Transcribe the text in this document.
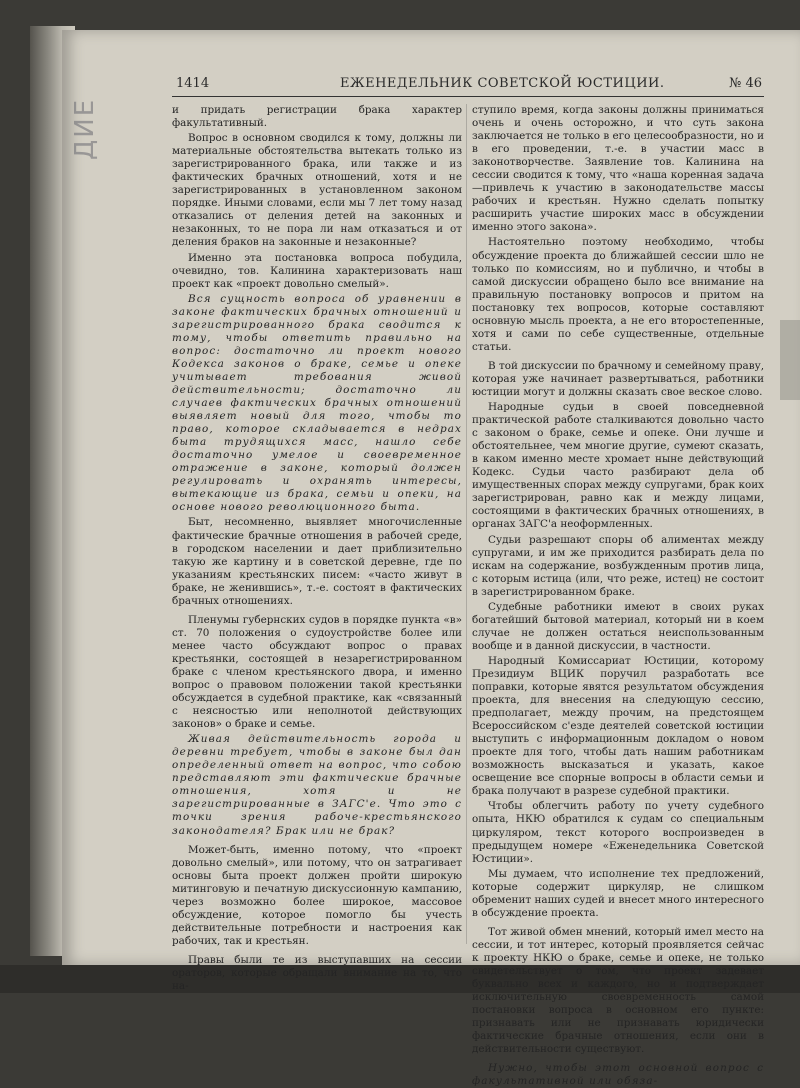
ДИЕ
1414	ЕЖЕНЕДЕЛЬНИК СОВЕТСКОЙ ЮСТИЦИИ.	№ 46

и придать регистрации брака характер факультативный.

Вопрос в основном сводился к тому, должны ли материальные обстоятельства вытекать только из зарегистрированного брака, или также и из фактических брачных отношений, хотя и не зарегистрированных в установленном законом порядке. Иными словами, если мы 7 лет тому назад отказались от деления детей на законных и незаконных, то не пора ли нам отказаться и от деления браков на законные и незаконные?

Именно эта постановка вопроса побудила, очевидно, тов. Калинина характеризовать наш проект как «проект довольно смелый».

Вся сущность вопроса об уравнении в законе фактических брачных отношений и зарегистрированного брака сводится к тому, чтобы ответить правильно на вопрос: достаточно ли проект нового Кодекса законов о браке, семье и опеке учитывает требования живой действительности; достаточно ли случаев фактических брачных отношений выявляет новый для того, чтобы то право, которое складывается в недрах быта трудящихся масс, нашло себе достаточно умелое и своевременное отражение в законе, который должен регулировать и охранять интересы, вытекающие из брака, семьи и опеки, на основе нового революционного быта.

Быт, несомненно, выявляет многочисленные фактические брачные отношения в рабочей среде, в городском населении и дает приблизительно такую же картину и в советской деревне, где по указаниям крестьянских писем: «часто живут в браке, не женившись», т.-е. состоят в фактических брачных отношениях.

Пленумы губернских судов в порядке пункта «в» ст. 70 положения о судоустройстве более или менее часто обсуждают вопрос о правах крестьянки, состоящей в незарегистрированном браке с членом крестьянского двора, и именно вопрос о правовом положении такой крестьянки обсуждается в судебной практике, как «связанный с неясностью или неполнотой действующих законов» о браке и семье.

Живая действительность города и деревни требует, чтобы в законе был дан определенный ответ на вопрос, что собою представляют эти фактические брачные отношения, хотя и не зарегистрированные в ЗАГС'е. Что это с точки зрения рабоче-крестьянского законодателя? Брак или не брак?

Может-быть, именно потому, что «проект довольно смелый», или потому, что он затрагивает основы быта проект должен пройти широкую митинговую и печатную дискуссионную кампанию, через возможно более широкое, массовое обсуждение, которое помогло бы учесть действительные потребности и настроения как рабочих, так и крестьян.

Правы были те из выступавших на сессии ораторов, которые обращали внимание на то, что на-

ступило время, когда законы должны приниматься очень и очень осторожно, и что суть закона заключается не только в его целесообразности, но и в его проведении, т.-е. в участии масс в законотворчестве. Заявление тов. Калинина на сессии сводится к тому, что «наша коренная задача—привлечь к участию в законодательстве массы рабочих и крестьян. Нужно сделать попытку расширить участие широких масс в обсуждении именно этого закона».

Настоятельно поэтому необходимо, чтобы обсуждение проекта до ближайшей сессии шло не только по комиссиям, но и публично, и чтобы в самой дискуссии обращено было все внимание на правильную постановку вопросов и притом на постановку тех вопросов, которые составляют основную мысль проекта, а не его второстепенные, хотя и сами по себе существенные, отдельные статьи.

В той дискуссии по брачному и семейному праву, которая уже начинает развертываться, работники юстиции могут и должны сказать свое веское слово.

Народные судьи в своей повседневной практической работе сталкиваются довольно часто с законом о браке, семье и опеке. Они лучше и обстоятельнее, чем многие другие, сумеют сказать, в каком именно месте хромает ныне действующий Кодекс. Судьи часто разбирают дела об имущественных спорах между супругами, брак коих зарегистрирован, равно как и между лицами, состоящими в фактических брачных отношениях, в органах ЗАГС'а неоформленных.

Судьи разрешают споры об алиментах между супругами, и им же приходится разбирать дела по искам на содержание, возбужденным против лица, с которым истица (или, что реже, истец) не состоит в зарегистрированном браке.

Судебные работники имеют в своих руках богатейший бытовой материал, который ни в коем случае не должен остаться неиспользованным вообще и в данной дискуссии, в частности.

Народный Комиссариат Юстиции, которому Президиум ВЦИК поручил разработать все поправки, которые явятся результатом обсуждения проекта, для внесения на следующую сессию, предполагает, между прочим, на предстоящем Всероссийском с'езде деятелей советской юстиции выступить с информационным докладом о новом проекте для того, чтобы дать нашим работникам возможность высказаться и указать, какое освещение все спорные вопросы в области семьи и брака получают в разрезе судебной практики.

Чтобы облегчить работу по учету судебного опыта, НКЮ обратился к судам со специальным циркуляром, текст которого воспроизведен в предыдущем номере «Еженедельника Советской Юстиции».

Мы думаем, что исполнение тех предложений, которые содержит циркуляр, не слишком обременит наших судей и внесет много интересного в обсуждение проекта.

Тот живой обмен мнений, который имел место на сессии, и тот интерес, который проявляется сейчас к проекту НКЮ о браке, семье и опеке, не только свидетельствует о том, что проект задевает буквально всех и каждого, но и подтверждает исключительную своевременность самой постановки вопроса в основном его пункте: признавать или не признавать юридически фактические брачные отношения, если они в действительности существуют.

Нужно, чтобы этот основной вопрос с факультативной или обяза-
